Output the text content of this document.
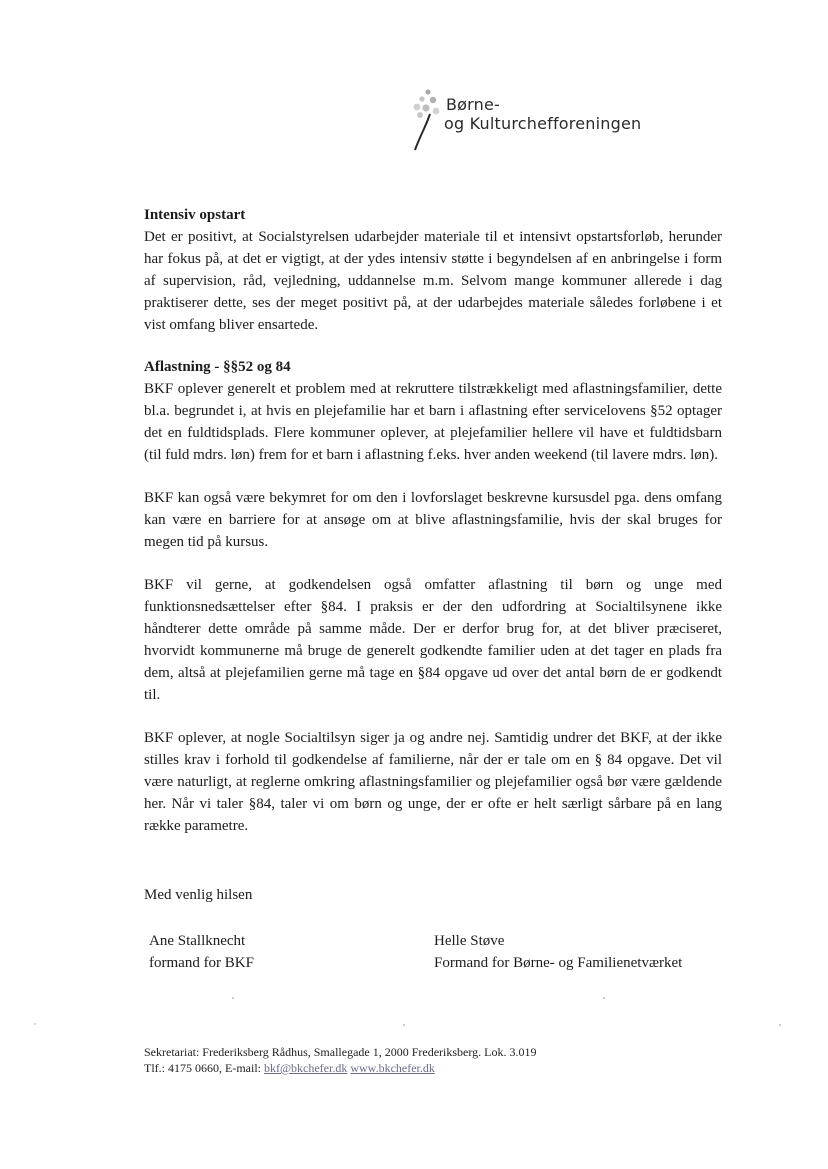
Børne-
og Kulturchefforeningen
Intensiv opstart

Det er positivt, at Socialstyrelsen udarbejder materiale til et intensivt opstartsforløb, herunder har fokus på, at det er vigtigt, at der ydes intensiv støtte i begyndelsen af en anbringelse i form af supervision, råd, vejledning, uddannelse m.m. Selvom mange kommuner allerede i dag praktiserer dette, ses der meget positivt på, at der udarbejdes materiale således forløbene i et vist omfang bliver ensartede.

Aflastning - §§52 og 84

BKF oplever generelt et problem med at rekruttere tilstrækkeligt med aflastningsfamilier, dette bl.a. begrundet i, at hvis en plejefamilie har et barn i aflastning efter servicelovens §52 optager det en fuldtidsplads. Flere kommuner oplever, at plejefamilier hellere vil have et fuldtidsbarn (til fuld mdrs. løn) frem for et barn i aflastning f.eks. hver anden weekend (til lavere mdrs. løn).

BKF kan også være bekymret for om den i lovforslaget beskrevne kursusdel pga. dens omfang kan være en barriere for at ansøge om at blive aflastningsfamilie, hvis der skal bruges for megen tid på kursus.

BKF vil gerne, at godkendelsen også omfatter aflastning til børn og unge med funktionsnedsættelser efter §84. I praksis er der den udfordring at Socialtilsynene ikke håndterer dette område på samme måde. Der er derfor brug for, at det bliver præciseret, hvorvidt kommunerne må bruge de generelt godkendte familier uden at det tager en plads fra dem, altså at plejefamilien gerne må tage en §84 opgave ud over det antal børn de er godkendt til.

BKF oplever, at nogle Socialtilsyn siger ja og andre nej. Samtidig undrer det BKF, at der ikke stilles krav i forhold til godkendelse af familierne, når der er tale om en § 84 opgave. Det vil være naturligt, at reglerne omkring aflastningsfamilier og plejefamilier også bør være gældende her. Når vi taler §84, taler vi om børn og unge, der er ofte er helt særligt sårbare på en lang række parametre.

Med venlig hilsen
Ane Stallknecht
formand for BKF
Helle Støve
Formand for Børne- og Familienetværket
Sekretariat: Frederiksberg Rådhus, Smallegade 1, 2000 Frederiksberg. Lok. 3.019
Tlf.: 4175 0660, E-mail: bkf@bkchefer.dk www.bkchefer.dk
